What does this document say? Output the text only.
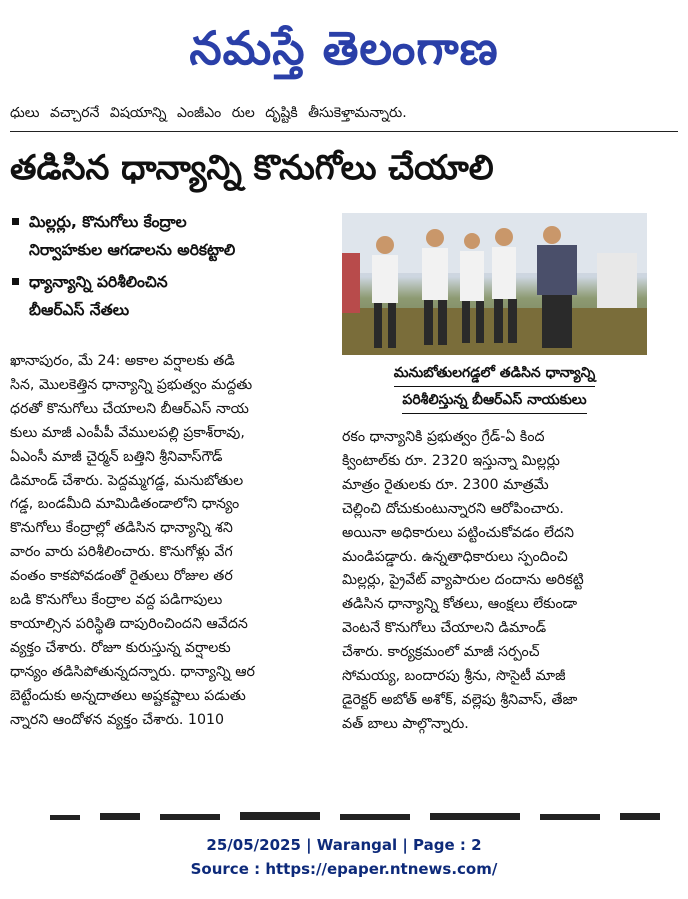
నమస్తే తెలంగాణ
ధులు వచ్చారనే విషయాన్ని ఎంజీఎం రుల దృష్టికి తీసుకెళ్తామన్నారు.
తడిసిన ధాన్యాన్ని కొనుగోలు చేయాలి
మిల్లర్లు, కొనుగోలు కేంద్రాల
నిర్వాహకుల ఆగడాలను అరికట్టాలి
ధ్యాన్యాన్ని పరిశీలించిన
బీఆర్ఎస్ నేతలు
ఖానాపురం, మే 24: అకాల వర్షాలకు తడి
సిన, మొలకెత్తిన ధాన్యాన్ని ప్రభుత్వం మద్దతు
ధరతో కొనుగోలు చేయాలని బీఆర్ఎస్ నాయ
కులు మాజీ ఎంపీపీ వేములపల్లి ప్రకాశ్‌రావు,
ఏఎంసీ మాజీ చైర్మన్ బత్తిని శ్రీనివాస్‌గౌడ్
డిమాండ్ చేశారు. పెద్దమ్మగడ్డ, మనుబోతుల
గడ్డ, బండమీది మామిడితండాలోని ధాన్యం
కొనుగోలు కేంద్రాల్లో తడిసిన ధాన్యాన్ని శని
వారం వారు పరిశీలించారు. కొనుగోళ్లు వేగ
వంతం కాకపోవడంతో రైతులు రోజుల తర
బడి కొనుగోలు కేంద్రాల వద్ద పడిగాపులు
కాయాల్సిన పరిస్థితి దాపురించిందని ఆవేదన
వ్యక్తం చేశారు. రోజూ కురుస్తున్న వర్షాలకు
ధాన్యం తడిసిపోతున్నదన్నారు. ధాన్యాన్ని ఆర
బెట్టేందుకు అన్నదాతలు అష్టకష్టాలు పడుతు
న్నారని ఆందోళన వ్యక్తం చేశారు. 1010
మనుబోతులగడ్డలో తడిసిన ధాన్యాన్ని
పరిశీలిస్తున్న బీఆర్ఎస్ నాయకులు
రకం ధాన్యానికి ప్రభుత్వం గ్రేడ్-ఏ కింద
క్వింటాల్‌కు రూ. 2320 ఇస్తున్నా మిల్లర్లు
మాత్రం రైతులకు రూ. 2300 మాత్రమే
చెల్లించి దోచుకుంటున్నారని ఆరోపించారు.
అయినా అధికారులు పట్టించుకోవడం లేదని
మండిపడ్డారు. ఉన్నతాధికారులు స్పందించి
మిల్లర్లు, ప్రైవేట్ వ్యాపారుల దందాను అరికట్టి
తడిసిన ధాన్యాన్ని కోతలు, ఆంక్షలు లేకుండా
వెంటనే కొనుగోలు చేయాలని డిమాండ్
చేశారు. కార్యక్రమంలో మాజీ సర్పంచ్
సోమయ్య, బందారపు శ్రీను, సొసైటీ మాజీ
డైరెక్టర్ అబోత్ అశోక్, వల్లెపు శ్రీనివాస్, తేజా
వత్ బాలు పాల్గొన్నారు.
25/05/2025 | Warangal | Page : 2
Source : https://epaper.ntnews.com/
